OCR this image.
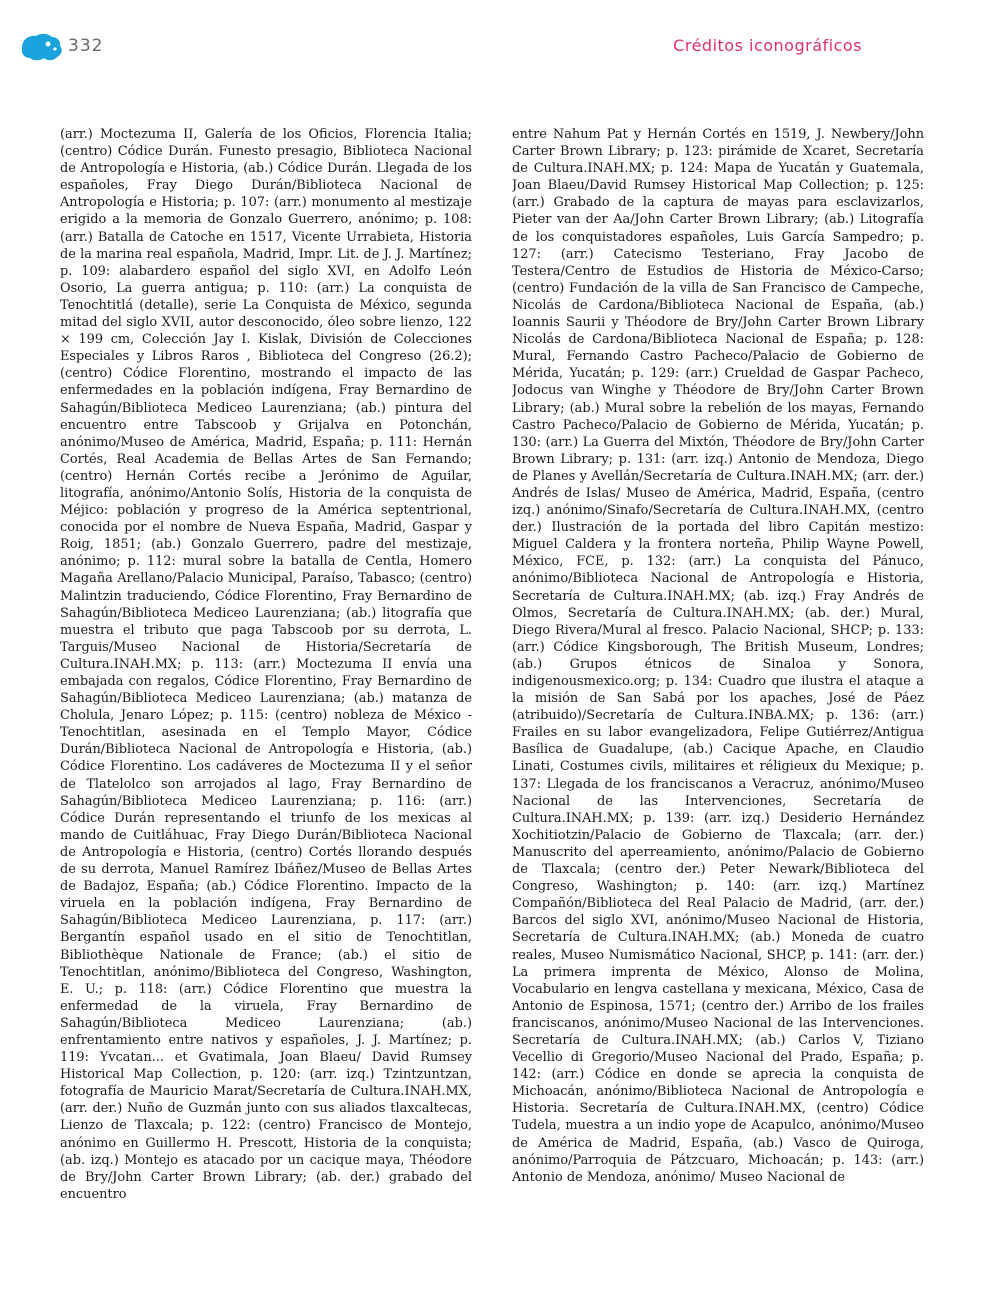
332	Créditos iconográficos

(arr.) Moctezuma II, Galería de los Oficios, Florencia Italia; (centro) Códice Durán. Funesto presagio, Biblioteca Nacional de Antropología e Historia, (ab.) Códice Durán. Llegada de los españoles, Fray Diego Durán/Biblioteca Nacional de Antropología e Historia; p. 107: (arr.) monumento al mestizaje erigido a la memoria de Gonzalo Guerrero, anónimo; p. 108: (arr.) Batalla de Catoche en 1517, Vicente Urrabieta, Historia de la marina real española, Madrid, Impr. Lit. de J. J. Martínez; p. 109: alabardero español del siglo XVI, en Adolfo León Osorio, La guerra antigua; p. 110: (arr.) La conquista de Tenochtitlá (detalle), serie La Conquista de México, segunda mitad del siglo XVII, autor desconocido, óleo sobre lienzo, 122 × 199 cm, Colección Jay I. Kislak, División de Colecciones Especiales y Libros Raros , Biblioteca del Congreso (26.2); (centro) Códice Florentino, mostrando el impacto de las enfermedades en la población indígena, Fray Bernardino de Sahagún/Biblioteca Mediceo Laurenziana; (ab.) pintura del encuentro entre Tabscoob y Grijalva en Potonchán, anónimo/Museo de América, Madrid, España; p. 111: Hernán Cortés, Real Academia de Bellas Artes de San Fernando; (centro) Hernán Cortés recibe a Jerónimo de Aguilar, litografía, anónimo/Antonio Solís, Historia de la conquista de Méjico: población y progreso de la América septentrional, conocida por el nombre de Nueva España, Madrid, Gaspar y Roig, 1851; (ab.) Gonzalo Guerrero, padre del mestizaje, anónimo; p. 112: mural sobre la batalla de Centla, Homero Magaña Arellano/Palacio Municipal, Paraíso, Tabasco; (centro) Malintzin traduciendo, Códice Florentino, Fray Bernardino de Sahagún/Biblioteca Mediceo Laurenziana; (ab.) litografía que muestra el tributo que paga Tabscoob por su derrota, L. Targuis/Museo Nacional de Historia/Secretaría de Cultura.INAH.MX; p. 113: (arr.) Moctezuma II envía una embajada con regalos, Códice Florentino, Fray Bernardino de Sahagún/Biblioteca Mediceo Laurenziana; (ab.) matanza de Cholula, Jenaro López; p. 115: (centro) nobleza de México -Tenochtitlan, asesinada en el Templo Mayor, Códice Durán/Biblioteca Nacional de Antropología e Historia, (ab.) Códice Florentino. Los cadáveres de Moctezuma II y el señor de Tlatelolco son arrojados al lago, Fray Bernardino de Sahagún/Biblioteca Mediceo Laurenziana; p. 116: (arr.) Códice Durán representando el triunfo de los mexicas al mando de Cuitláhuac, Fray Diego Durán/Biblioteca Nacional de Antropología e Historia, (centro) Cortés llorando después de su derrota, Manuel Ramírez Ibáñez/Museo de Bellas Artes de Badajoz, España; (ab.) Códice Florentino. Impacto de la viruela en la población indígena, Fray Bernardino de Sahagún/Biblioteca Mediceo Laurenziana, p. 117: (arr.) Bergantín español usado en el sitio de Tenochtitlan, Bibliothèque Nationale de France; (ab.) el sitio de Tenochtitlan, anónimo/Biblioteca del Congreso, Washington, E. U.; p. 118: (arr.) Códice Florentino que muestra la enfermedad de la viruela, Fray Bernardino de Sahagún/Biblioteca Mediceo Laurenziana; (ab.) enfrentamiento entre nativos y españoles, J. J. Martínez; p. 119: Yvcatan... et Gvatimala, Joan Blaeu/ David Rumsey Historical Map Collection, p. 120: (arr. izq.) Tzintzuntzan, fotografía de Mauricio Marat/Secretaría de Cultura.INAH.MX, (arr. der.) Nuño de Guzmán junto con sus aliados tlaxcaltecas, Lienzo de Tlaxcala; p. 122: (centro) Francisco de Montejo, anónimo en Guillermo H. Prescott, Historia de la conquista; (ab. izq.) Montejo es atacado por un cacique maya, Théodore de Bry/John Carter Brown Library; (ab. der.) grabado del encuentro

entre Nahum Pat y Hernán Cortés en 1519, J. Newbery/John Carter Brown Library; p. 123: pirámide de Xcaret, Secretaría de Cultura.INAH.MX; p. 124: Mapa de Yucatán y Guatemala, Joan Blaeu/David Rumsey Historical Map Collection; p. 125: (arr.) Grabado de la captura de mayas para esclavizarlos, Pieter van der Aa/John Carter Brown Library; (ab.) Litografía de los conquistadores españoles, Luis García Sampedro; p. 127: (arr.) Catecismo Testeriano, Fray Jacobo de Testera/Centro de Estudios de Historia de México-Carso; (centro) Fundación de la villa de San Francisco de Campeche, Nicolás de Cardona/Biblioteca Nacional de España, (ab.) Ioannis Saurii y Théodore de Bry/John Carter Brown Library Nicolás de Cardona/Biblioteca Nacional de España; p. 128: Mural, Fernando Castro Pacheco/Palacio de Gobierno de Mérida, Yucatán; p. 129: (arr.) Crueldad de Gaspar Pacheco, Jodocus van Winghe y Théodore de Bry/John Carter Brown Library; (ab.) Mural sobre la rebelión de los mayas, Fernando Castro Pacheco/Palacio de Gobierno de Mérida, Yucatán; p. 130: (arr.) La Guerra del Mixtón, Théodore de Bry/John Carter Brown Library; p. 131: (arr. izq.) Antonio de Mendoza, Diego de Planes y Avellán/Secretaría de Cultura.INAH.MX; (arr. der.) Andrés de Islas/ Museo de América, Madrid, España, (centro izq.) anónimo/Sinafo/Secretaría de Cultura.INAH.MX, (centro der.) Ilustración de la portada del libro Capitán mestizo: Miguel Caldera y la frontera norteña, Philip Wayne Powell, México, FCE, p. 132: (arr.) La conquista del Pánuco, anónimo/Biblioteca Nacional de Antropología e Historia, Secretaría de Cultura.INAH.MX; (ab. izq.) Fray Andrés de Olmos, Secretaría de Cultura.INAH.MX; (ab. der.) Mural, Diego Rivera/Mural al fresco. Palacio Nacional, SHCP; p. 133: (arr.) Códice Kingsborough, The British Museum, Londres; (ab.) Grupos étnicos de Sinaloa y Sonora, indigenousmexico.org; p. 134: Cuadro que ilustra el ataque a la misión de San Sabá por los apaches, José de Páez (atribuido)/Secretaría de Cultura.INBA.MX; p. 136: (arr.) Frailes en su labor evangelizadora, Felipe Gutiérrez/Antigua Basílica de Guadalupe, (ab.) Cacique Apache, en Claudio Linati, Costumes civils, militaires et réligieux du Mexique; p. 137: Llegada de los franciscanos a Veracruz, anónimo/Museo Nacional de las Intervenciones, Secretaría de Cultura.INAH.MX; p. 139: (arr. izq.) Desiderio Hernández Xochitiotzin/Palacio de Gobierno de Tlaxcala; (arr. der.) Manuscrito del aperreamiento, anónimo/Palacio de Gobierno de Tlaxcala; (centro der.) Peter Newark/Biblioteca del Congreso, Washington; p. 140: (arr. izq.) Martínez Compañón/Biblioteca del Real Palacio de Madrid, (arr. der.) Barcos del siglo XVI, anónimo/Museo Nacional de Historia, Secretaría de Cultura.INAH.MX; (ab.) Moneda de cuatro reales, Museo Numismático Nacional, SHCP, p. 141: (arr. der.) La primera imprenta de México, Alonso de Molina, Vocabulario en lengva castellana y mexicana, México, Casa de Antonio de Espinosa, 1571; (centro der.) Arribo de los frailes franciscanos, anónimo/Museo Nacional de las Intervenciones. Secretaría de Cultura.INAH.MX; (ab.) Carlos V, Tiziano Vecellio di Gregorio/Museo Nacional del Prado, España; p. 142: (arr.) Códice en donde se aprecia la conquista de Michoacán, anónimo/Biblioteca Nacional de Antropología e Historia. Secretaría de Cultura.INAH.MX, (centro) Códice Tudela, muestra a un indio yope de Acapulco, anónimo/Museo de América de Madrid, España, (ab.) Vasco de Quiroga, anónimo/Parroquia de Pátzcuaro, Michoacán; p. 143: (arr.) Antonio de Mendoza, anónimo/ Museo Nacional de
